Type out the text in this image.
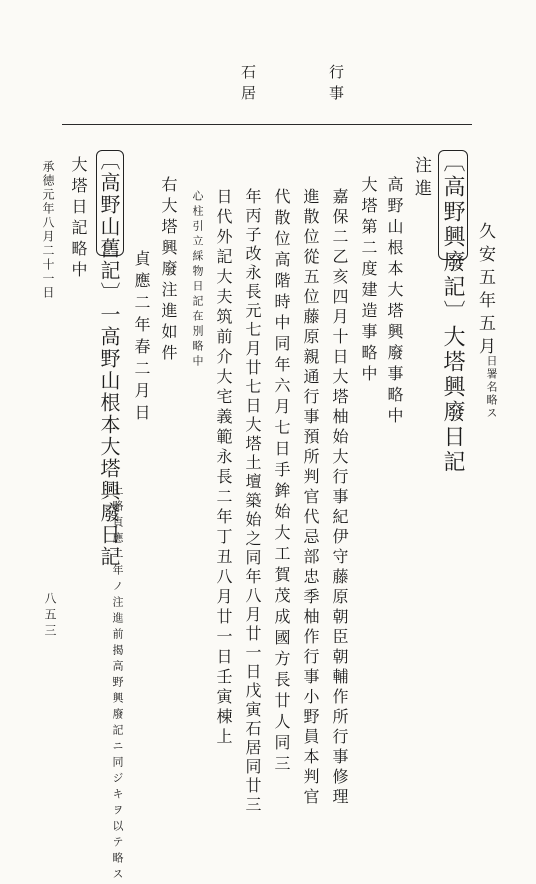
行事
石居
久安五年五月
日署名略ス
〔高野興廢記〕大塔興廢日記
注進
高野山根本大塔興廢事略中
大塔第二度建造事略中
嘉保二乙亥四月十日大塔柚始大行事紀伊守藤原朝臣朝輔作所行事修理
進散位從五位藤原親通行事預所判官代忌部忠季柚作行事小野員本判官
代散位高階時中同年六月七日手鉾始大工賀茂成國方長廿人同三
年丙子改永長元七月廿七日大塔土壇築始之同年八月廿一日戊寅石居同廿三
日代外記大夫筑前介大宅義範永長二年丁丑八月廿一日壬寅棟上
心柱引立綵物日記在別略中
右大塔興廢注進如件
貞應二年春二月日
〔高野山舊記〕一高野山根本大塔興廢日記
大塔日記略中
上略貞應二年ノ注進前揭高野興廢記ニ同ジキヲ以テ略ス
承徳元年八月二十一日
八五三
